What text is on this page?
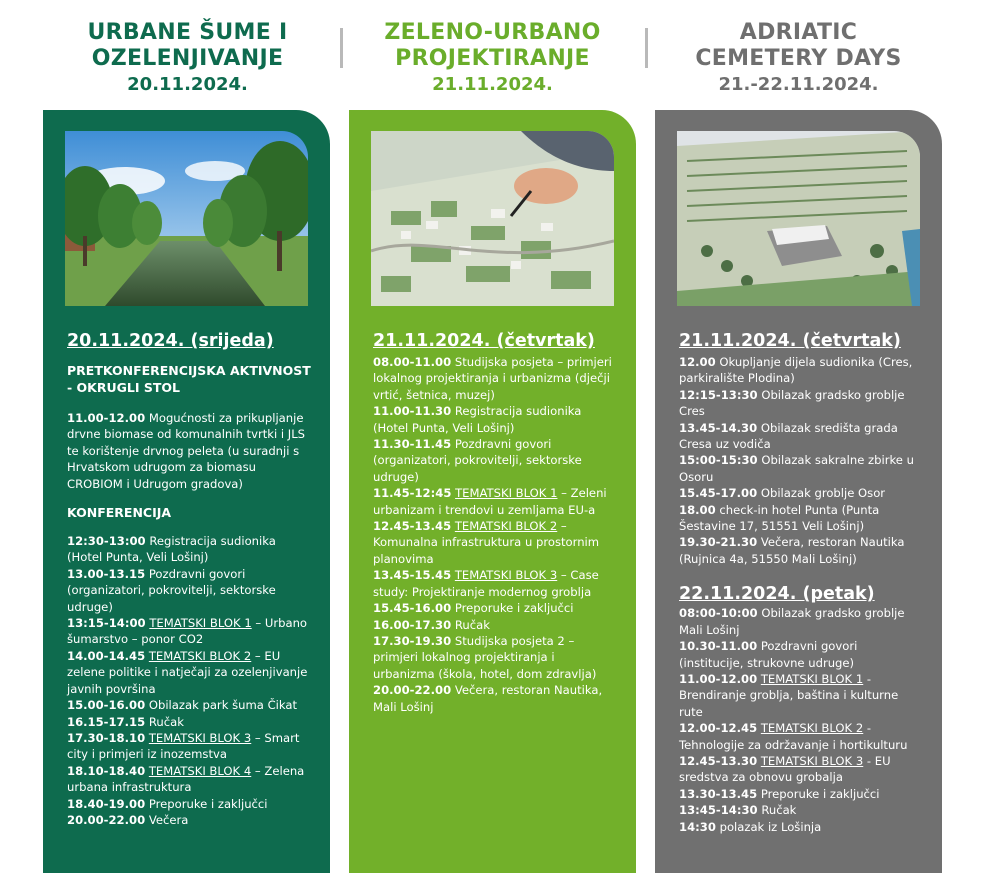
URBANE ŠUME I
OZELENJIVANJE
20.11.2024.
ZELENO-URBANO
PROJEKTIRANJE
21.11.2024.
ADRIATIC
CEMETERY DAYS
21.-22.11.2024.
20.11.2024. (srijeda)
PRETKONFERENCIJSKA AKTIVNOST - OKRUGLI STOL
11.00-12.00 Mogućnosti za prikupljanje drvne biomase od komunalnih tvrtki i JLS te korištenje drvnog peleta (u suradnji s Hrvatskom udrugom za biomasu CROBIOM i Udrugom gradova)
KONFERENCIJA
12:30-13:00 Registracija sudionika (Hotel Punta, Veli Lošinj)
13.00-13.15 Pozdravni govori (organizatori, pokrovitelji, sektorske udruge)
13:15-14:00 TEMATSKI BLOK 1 – Urbano šumarstvo – ponor CO2
14.00-14.45 TEMATSKI BLOK 2 – EU zelene politike i natječaji za ozelenjivanje javnih površina
15.00-16.00 Obilazak park šuma Čikat
16.15-17.15 Ručak
17.30-18.10 TEMATSKI BLOK 3 – Smart city i primjeri iz inozemstva
18.10-18.40 TEMATSKI BLOK 4 – Zelena urbana infrastruktura
18.40-19.00 Preporuke i zaključci
20.00-22.00 Večera
21.11.2024. (četvrtak)
08.00-11.00 Studijska posjeta – primjeri lokalnog projektiranja i urbanizma (dječji vrtić, šetnica, muzej)
11.00-11.30 Registracija sudionika (Hotel Punta, Veli Lošinj)
11.30-11.45 Pozdravni govori (organizatori, pokrovitelji, sektorske udruge)
11.45-12:45 TEMATSKI BLOK 1 – Zeleni urbanizam i trendovi u zemljama EU-a
12.45-13.45 TEMATSKI BLOK 2 – Komunalna infrastruktura u prostornim planovima
13.45-15.45 TEMATSKI BLOK 3 – Case study: Projektiranje modernog groblja
15.45-16.00 Preporuke i zaključci
16.00-17.30 Ručak
17.30-19.30 Studijska posjeta 2 – primjeri lokalnog projektiranja i urbanizma (škola, hotel, dom zdravlja)
20.00-22.00 Večera, restoran Nautika, Mali Lošinj
21.11.2024. (četvrtak)
12.00 Okupljanje dijela sudionika (Cres, parkiralište Plodina)
12:15-13:30 Obilazak gradsko groblje Cres
13.45-14.30 Obilazak središta grada Cresa uz vodiča
15:00-15:30 Obilazak sakralne zbirke u Osoru
15.45-17.00 Obilazak groblje Osor
18.00 check-in hotel Punta (Punta Šestavine 17, 51551 Veli Lošinj)
19.30-21.30 Večera, restoran Nautika (Rujnica 4a, 51550 Mali Lošinj)
22.11.2024. (petak)
08:00-10:00 Obilazak gradsko groblje Mali Lošinj
10.30-11.00 Pozdravni govori (institucije, strukovne udruge)
11.00-12.00 TEMATSKI BLOK 1 - Brendiranje groblja, baština i kulturne rute
12.00-12.45 TEMATSKI BLOK 2 - Tehnologije za održavanje i hortikulturu
12.45-13.30 TEMATSKI BLOK 3 - EU sredstva za obnovu grobalja
13.30-13.45 Preporuke i zaključci
13:45-14:30 Ručak
14:30 polazak iz Lošinja
